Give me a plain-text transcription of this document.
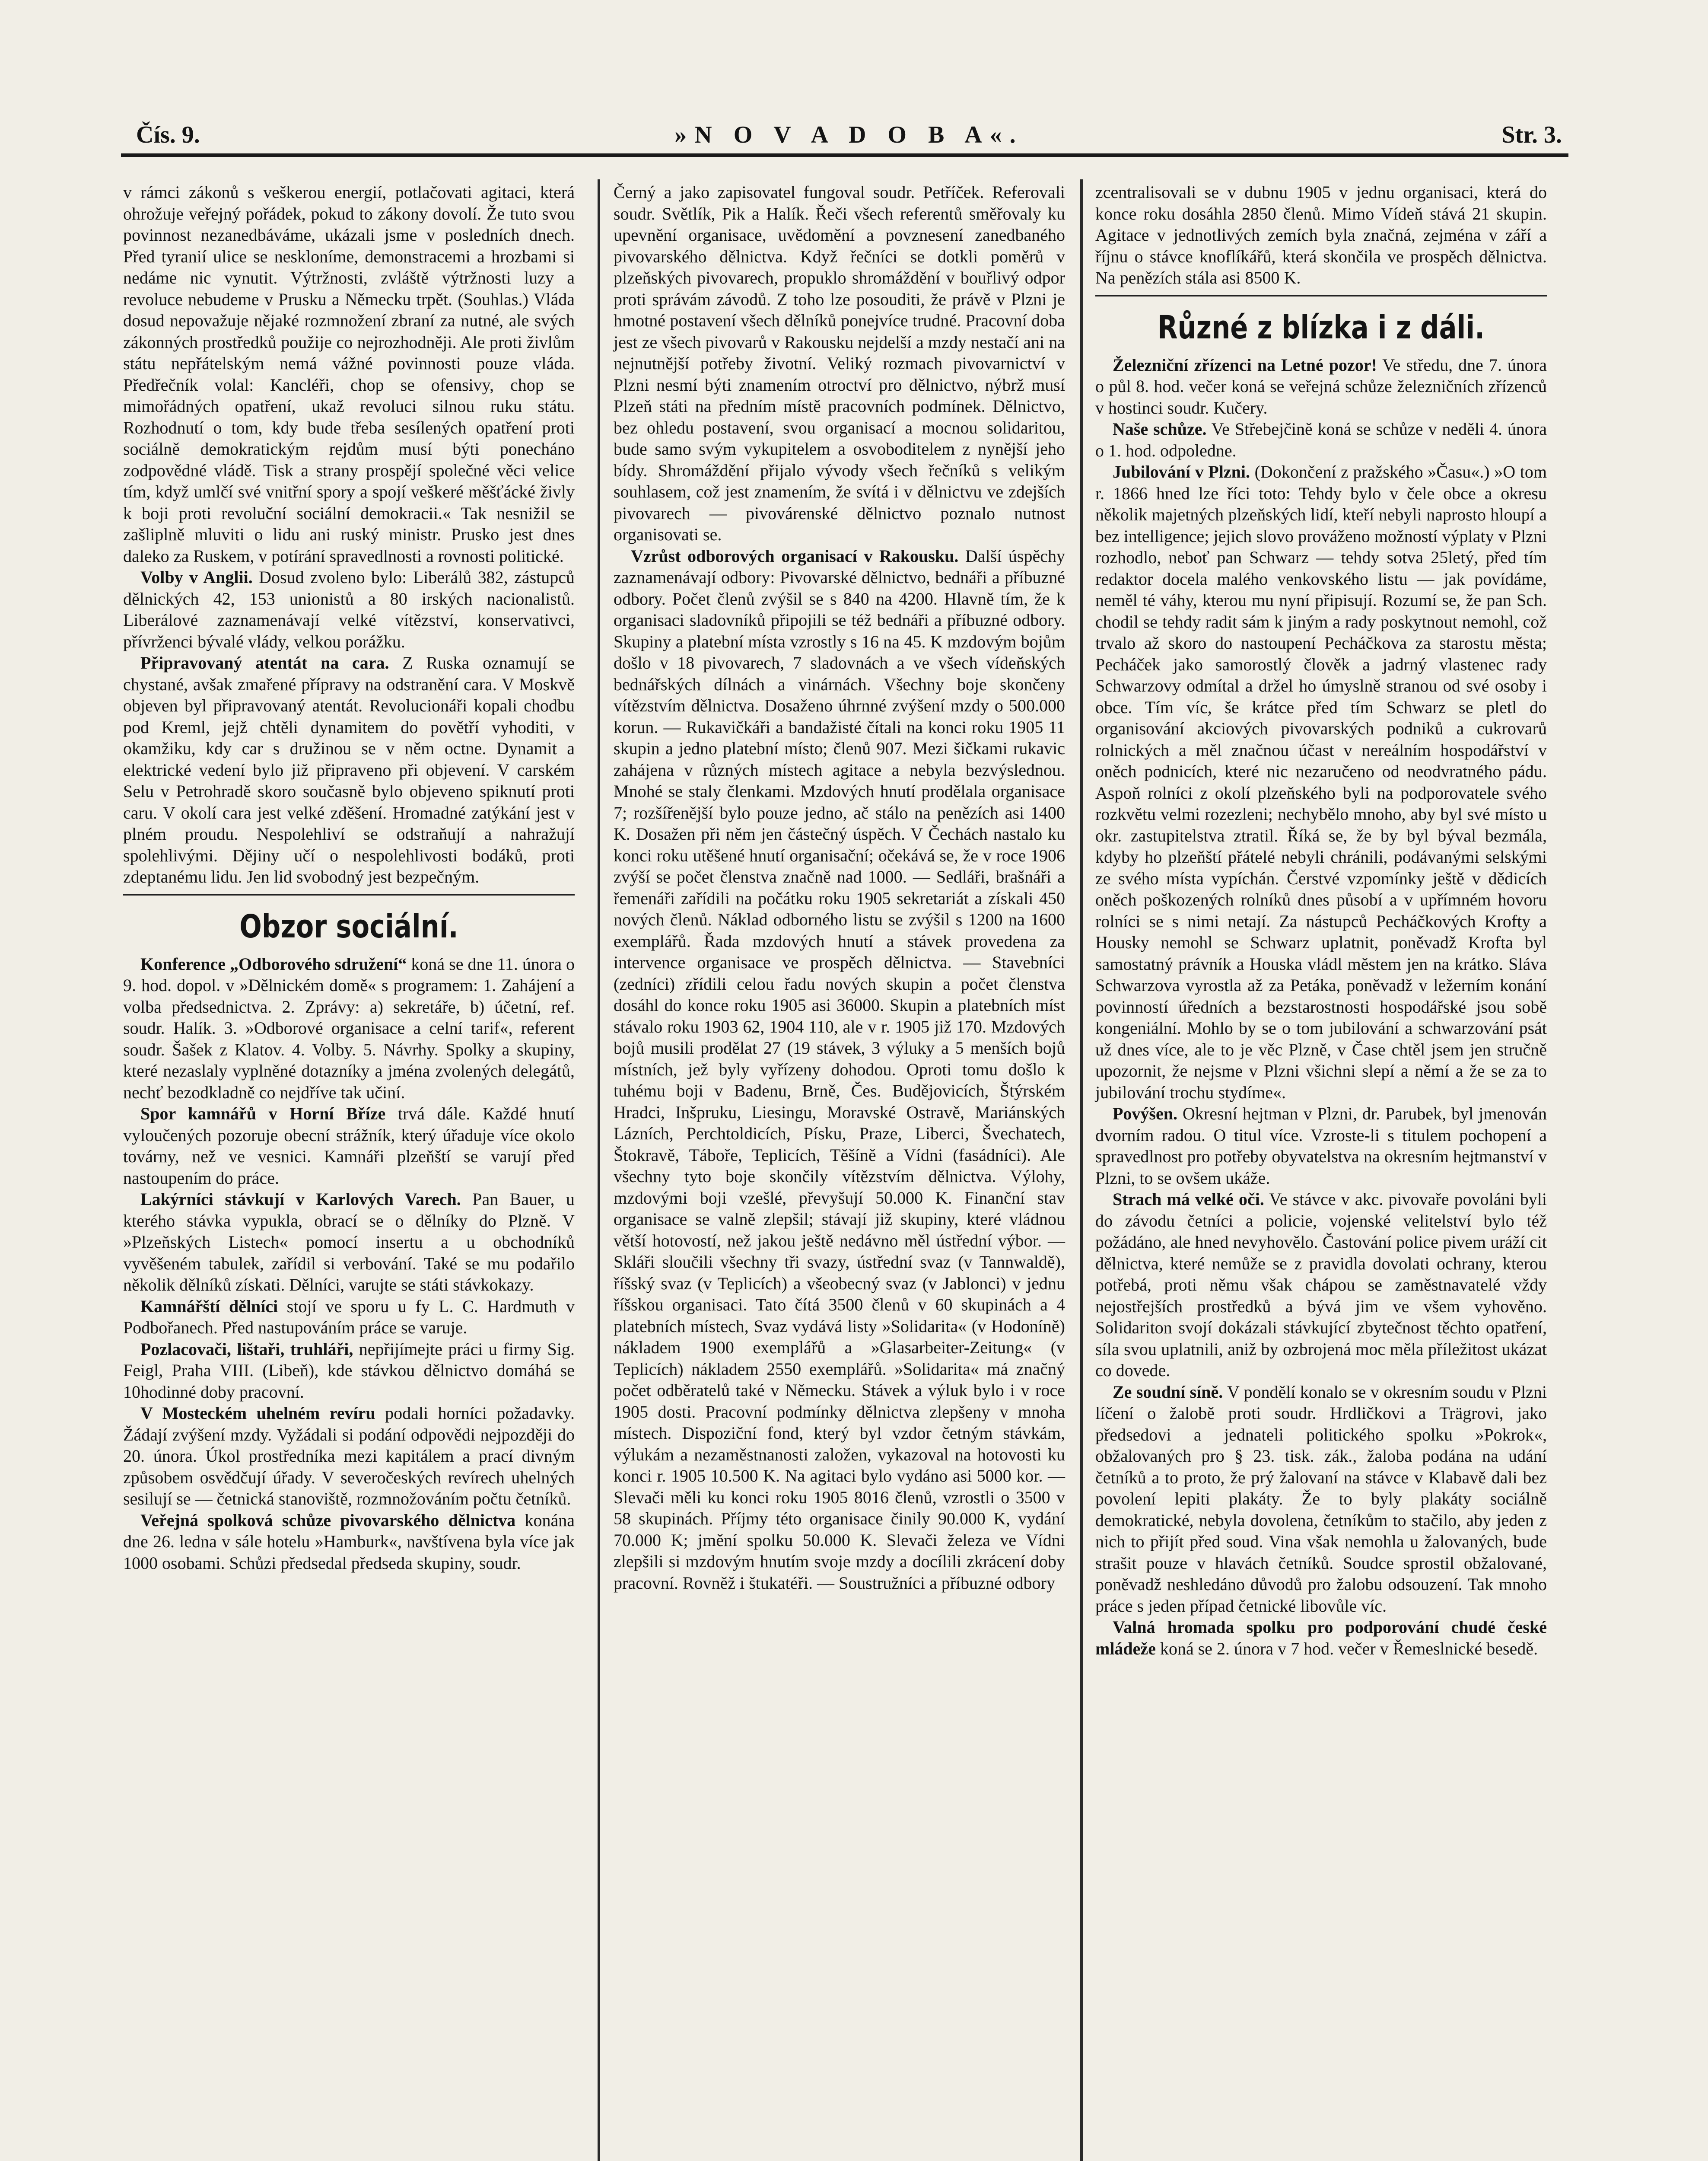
Čís. 9.	»N O V A D O B A«.	Str. 3.

v rámci zákonů s veškerou energií, potlačovati agitaci, která ohrožuje veřejný pořádek, pokud to zákony dovolí. Že tuto svou povinnost nezanedbáváme, ukázali jsme v posledních dnech. Před tyranií ulice se neskloníme, demonstracemi a hrozbami si nedáme nic vynutit. Výtržnosti, zvláště výtržnosti luzy a revoluce nebudeme v Prusku a Německu trpět. (Souhlas.) Vláda dosud nepovažuje nějaké rozmnožení zbraní za nutné, ale svých zákonných prostředků použije co nejrozhodněji. Ale proti živlům státu nepřátelským nemá vážné povinnosti pouze vláda. Předřečník volal: Kancléři, chop se ofensivy, chop se mimořádných opatření, ukaž revoluci silnou ruku státu. Rozhodnutí o tom, kdy bude třeba sesílených opatření proti sociálně demokratickým rejdům musí býti ponecháno zodpovědné vládě. Tisk a strany prospějí společné věci velice tím, když umlčí své vnitřní spory a spojí veškeré měšťácké živly k boji proti revoluční sociální demokracii.« Tak nesnižil se zašliplně mluviti o lidu ani ruský ministr. Prusko jest dnes daleko za Ruskem, v potírání spravedlnosti a rovnosti politické.

Volby v Anglii. Dosud zvoleno bylo: Liberálů 382, zástupců dělnických 42, 153 unionistů a 80 irských nacionalistů. Liberálové zaznamenávají velké vítězství, konservativci, přívrženci bývalé vlády, velkou porážku.

Připravovaný atentát na cara. Z Ruska oznamují se chystané, avšak zmařené přípravy na odstranění cara. V Moskvě objeven byl připravovaný atentát. Revolucionáři kopali chodbu pod Kreml, jejž chtěli dynamitem do povětří vyhoditi, v okamžiku, kdy car s družinou se v něm octne. Dynamit a elektrické vedení bylo již připraveno při objevení. V carském Selu v Petrohradě skoro současně bylo objeveno spiknutí proti caru. V okolí cara jest velké zděšení. Hromadné zatýkání jest v plném proudu. Nespolehliví se odstraňují a nahražují spolehlivými. Dějiny učí o nespolehlivosti bodáků, proti zdeptanému lidu. Jen lid svobodný jest bezpečným.

Obzor sociální.

Konference „Odborového sdružení“ koná se dne 11. února o 9. hod. dopol. v »Dělnickém domě« s programem: 1. Zahájení a volba předsednictva. 2. Zprávy: a) sekretáře, b) účetní, ref. soudr. Halík. 3. »Odborové organisace a celní tarif«, referent soudr. Šašek z Klatov. 4. Volby. 5. Návrhy. Spolky a skupiny, které nezaslaly vyplněné dotazníky a jména zvolených delegátů, nechť bezodkladně co nejdříve tak učiní.

Spor kamnářů v Horní Bříze trvá dále. Každé hnutí vyloučených pozoruje obecní strážník, který úřaduje více okolo továrny, než ve vesnici. Kamnáři plzeňští se varují před nastoupením do práce.

Lakýrníci stávkují v Karlových Varech. Pan Bauer, u kterého stávka vypukla, obrací se o dělníky do Plzně. V »Plzeňských Listech« pomocí insertu a u obchodníků vyvěšeném tabulek, zařídil si verbování. Také se mu podařilo několik dělníků získati. Dělníci, varujte se státi stávkokazy.

Kamnářští dělníci stojí ve sporu u fy L. C. Hardmuth v Podbořanech. Před nastupováním práce se varuje.

Pozlacovači, lištaři, truhláři, nepřijímejte práci u firmy Sig. Feigl, Praha VIII. (Libeň), kde stávkou dělnictvo domáhá se 10hodinné doby pracovní.

V Mosteckém uhelném revíru podali horníci požadavky. Žádají zvýšení mzdy. Vyžádali si podání odpovědi nejpozději do 20. února. Úkol prostředníka mezi kapitálem a prací divným způsobem osvědčují úřady. V severočeských revírech uhelných sesilují se — četnická stanoviště, rozmnožováním počtu četníků.

Veřejná spolková schůze pivovarského dělnictva konána dne 26. ledna v sále hotelu »Hamburk«, navštívena byla více jak 1000 osobami. Schůzi předsedal předseda skupiny, soudr.

Černý a jako zapisovatel fungoval soudr. Petříček. Referovali soudr. Světlík, Pik a Halík. Řeči všech referentů směřovaly ku upevnění organisace, uvědomění a povznesení zanedbaného pivovarského dělnictva. Když řečníci se dotkli poměrů v plzeňských pivovarech, propuklo shromáždění v bouřlivý odpor proti správám závodů. Z toho lze posouditi, že právě v Plzni je hmotné postavení všech dělníků ponejvíce trudné. Pracovní doba jest ze všech pivovarů v Rakousku nejdelší a mzdy nestačí ani na nejnutnější potřeby životní. Veliký rozmach pivovarnictví v Plzni nesmí býti znamením otroctví pro dělnictvo, nýbrž musí Plzeň státi na předním místě pracovních podmínek. Dělnictvo, bez ohledu postavení, svou organisací a mocnou solidaritou, bude samo svým vykupitelem a osvoboditelem z nynější jeho bídy. Shromáždění přijalo vývody všech řečníků s velikým souhlasem, což jest znamením, že svítá i v dělnictvu ve zdejších pivovarech — pivovárenské dělnictvo poznalo nutnost organisovati se.

Vzrůst odborových organisací v Rakousku. Další úspěchy zaznamenávají odbory: Pivovarské dělnictvo, bednáři a příbuzné odbory. Počet členů zvýšil se s 840 na 4200. Hlavně tím, že k organisaci sladovníků připojili se též bednáři a příbuzné odbory. Skupiny a platební místa vzrostly s 16 na 45. K mzdovým bojům došlo v 18 pivovarech, 7 sladovnách a ve všech vídeňských bednářských dílnách a vinárnách. Všechny boje skončeny vítězstvím dělnictva. Dosaženo úhrnné zvýšení mzdy o 500.000 korun. — Rukavičkáři a bandažisté čítali na konci roku 1905 11 skupin a jedno platební místo; členů 907. Mezi šičkami rukavic zahájena v různých místech agitace a nebyla bezvýslednou. Mnohé se staly členkami. Mzdových hnutí prodělala organisace 7; rozšířenější bylo pouze jedno, ač stálo na penězích asi 1400 K. Dosažen při něm jen částečný úspěch. V Čechách nastalo ku konci roku utěšené hnutí organisační; očekává se, že v roce 1906 zvýší se počet členstva značně nad 1000. — Sedláři, brašnáři a řemenáři zařídili na počátku roku 1905 sekretariát a získali 450 nových členů. Náklad odborného listu se zvýšil s 1200 na 1600 exemplářů. Řada mzdových hnutí a stávek provedena za intervence organisace ve prospěch dělnictva. — Stavebníci (zedníci) zřídili celou řadu nových skupin a počet členstva dosáhl do konce roku 1905 asi 36000. Skupin a platebních míst stávalo roku 1903 62, 1904 110, ale v r. 1905 již 170. Mzdových bojů musili prodělat 27 (19 stávek, 3 výluky a 5 menších bojů místních, jež byly vyřízeny dohodou. Oproti tomu došlo k tuhému boji v Badenu, Brně, Čes. Budějovicích, Štýrském Hradci, Inšpruku, Liesingu, Moravské Ostravě, Mariánských Lázních, Perchtoldicích, Písku, Praze, Liberci, Švechatech, Štokravě, Táboře, Teplicích, Těšíně a Vídni (fasádníci). Ale všechny tyto boje skončily vítězstvím dělnictva. Výlohy, mzdovými boji vzešlé, převyšují 50.000 K. Finanční stav organisace se valně zlepšil; stávají již skupiny, které vládnou větší hotovostí, než jakou ještě nedávno měl ústřední výbor. — Skláři sloučili všechny tři svazy, ústřední svaz (v Tannwaldě), říšský svaz (v Teplicích) a všeobecný svaz (v Jablonci) v jednu říšskou organisaci. Tato čítá 3500 členů v 60 skupinách a 4 platebních místech, Svaz vydává listy »Solidarita« (v Hodoníně) nákladem 1900 exemplářů a »Glasarbeiter-Zeitung« (v Teplicích) nákladem 2550 exemplářů. »Solidarita« má značný počet odběratelů také v Německu. Stávek a výluk bylo i v roce 1905 dosti. Pracovní podmínky dělnictva zlepšeny v mnoha místech. Dispoziční fond, který byl vzdor četným stávkám, výlukám a nezaměstnanosti založen, vykazoval na hotovosti ku konci r. 1905 10.500 K. Na agitaci bylo vydáno asi 5000 kor. — Slevači měli ku konci roku 1905 8016 členů, vzrostli o 3500 v 58 skupinách. Příjmy této organisace činily 90.000 K, vydání 70.000 K; jmění spolku 50.000 K. Slevači železa ve Vídni zlepšili si mzdovým hnutím svoje mzdy a docílili zkrácení doby pracovní. Rovněž i štukatéři. — Soustružníci a příbuzné odbory

zcentralisovali se v dubnu 1905 v jednu organisaci, která do konce roku dosáhla 2850 členů. Mimo Vídeň stává 21 skupin. Agitace v jednotlivých zemích byla značná, zejména v září a říjnu o stávce knoflíkářů, která skončila ve prospěch dělnictva. Na penězích stála asi 8500 K.

Různé z blízka i z dáli.

Železniční zřízenci na Letné pozor! Ve středu, dne 7. února o půl 8. hod. večer koná se veřejná schůze železničních zřízenců v hostinci soudr. Kučery.

Naše schůze. Ve Střebejčině koná se schůze v neděli 4. února o 1. hod. odpoledne.

Jubilování v Plzni. (Dokončení z pražského »Času«.) »O tom r. 1866 hned lze říci toto: Tehdy bylo v čele obce a okresu několik majetných plzeňských lidí, kteří nebyli naprosto hloupí a bez intelligence; jejich slovo prováženo možností výplaty v Plzni rozhodlo, neboť pan Schwarz — tehdy sotva 25letý, před tím redaktor docela malého venkovského listu — jak povídáme, neměl té váhy, kterou mu nyní připisují. Rozumí se, že pan Sch. chodil se tehdy radit sám k jiným a rady poskytnout nemohl, což trvalo až skoro do nastoupení Pecháčkova za starostu města; Pecháček jako samorostlý člověk a jadrný vlastenec rady Schwarzovy odmítal a držel ho úmyslně stranou od své osoby i obce. Tím víc, še krátce před tím Schwarz se pletl do organisování akciových pivovarských podniků a cukrovarů rolnických a měl značnou účast v nereálním hospodářství v oněch podnicích, které nic nezaručeno od neodvratného pádu. Aspoň rolníci z okolí plzeňského byli na podporovatele svého rozkvětu velmi rozezleni; nechybělo mnoho, aby byl své místo u okr. zastupitelstva ztratil. Říká se, že by byl býval bezmála, kdyby ho plzeňští přátelé nebyli chránili, podávanými selskými ze svého místa vypíchán. Čerstvé vzpomínky ještě v dědicích oněch poškozených rolníků dnes působí a v upřímném hovoru rolníci se s nimi netají. Za nástupců Pecháčkových Krofty a Housky nemohl se Schwarz uplatnit, poněvadž Krofta byl samostatný právník a Houska vládl městem jen na krátko. Sláva Schwarzova vyrostla až za Petáka, poněvadž v ležerním konání povinností úředních a bezstarostnosti hospodářské jsou sobě kongeniální. Mohlo by se o tom jubilování a schwarzování psát už dnes více, ale to je věc Plzně, v Čase chtěl jsem jen stručně upozornit, že nejsme v Plzni všichni slepí a němí a že se za to jubilování trochu stydíme«.

Povýšen. Okresní hejtman v Plzni, dr. Parubek, byl jmenován dvorním radou. O titul více. Vzroste-li s titulem pochopení a spravedlnost pro potřeby obyvatelstva na okresním hejtmanství v Plzni, to se ovšem ukáže.

Strach má velké oči. Ve stávce v akc. pivovaře povoláni byli do závodu četníci a policie, vojenské velitelství bylo též požádáno, ale hned nevyhovělo. Častování police pivem uráží cit dělnictva, které nemůže se z pravidla dovolati ochrany, kterou potřebá, proti němu však chápou se zaměstnavatelé vždy nejostřejších prostředků a bývá jim ve všem vyhověno. Solidariton svojí dokázali stávkující zbytečnost těchto opatření, síla svou uplatnili, aniž by ozbrojená moc měla příležitost ukázat co dovede.

Ze soudní síně. V pondělí konalo se v okresním soudu v Plzni líčení o žalobě proti soudr. Hrdličkovi a Trägrovi, jako předsedovi a jednateli politického spolku »Pokrok«, obžalovaných pro § 23. tisk. zák., žaloba podána na udání četníků a to proto, že prý žalovaní na stávce v Klabavě dali bez povolení lepiti plakáty. Že to byly plakáty sociálně demokratické, nebyla dovolena, četníkům to stačilo, aby jeden z nich to přijít před soud. Vina však nemohla u žalovaných, bude strašit pouze v hlavách četníků. Soudce sprostil obžalované, poněvadž neshledáno důvodů pro žalobu odsouzení. Tak mnoho práce s jeden případ četnické libovůle víc.

Valná hromada spolku pro podporování chudé české mládeže koná se 2. února v 7 hod. večer v Řemeslnické besedě.
